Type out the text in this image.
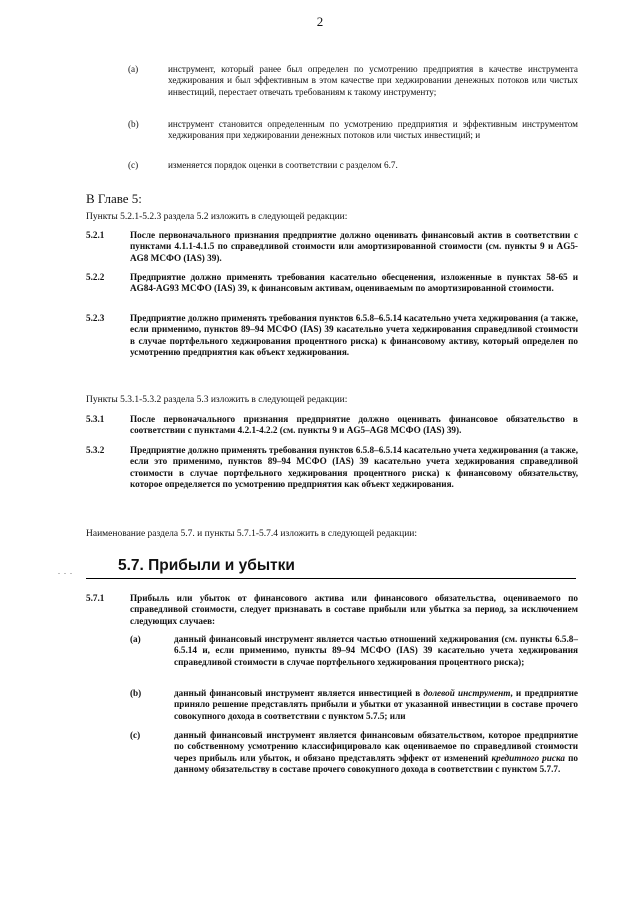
2
(a)	инструмент, который ранее был определен по усмотрению предприятия в качестве инструмента хеджирования и был эффективным в этом качестве при хеджировании денежных потоков или чистых инвестиций, перестает отвечать требованиям к такому инструменту;
(b)	инструмент становится определенным по усмотрению предприятия и эффективным инструментом хеджирования при хеджировании денежных потоков или чистых инвестиций; и
(c)	изменяется порядок оценки в соответствии с разделом 6.7.
В Главе 5:
Пункты 5.2.1-5.2.3 раздела 5.2 изложить в следующей редакции:
5.2.1	После первоначального признания предприятие должно оценивать финансовый актив в соответствии с пунктами 4.1.1-4.1.5 по справедливой стоимости или амортизированной стоимости (см. пункты 9 и AG5-AG8 МСФО (IAS) 39).
5.2.2	Предприятие должно применять требования касательно обесценения, изложенные в пунктах 58-65 и AG84-AG93 МСФО (IAS) 39, к финансовым активам, оцениваемым по амортизированной стоимости.
5.2.3	Предприятие должно применять требования пунктов 6.5.8–6.5.14 касательно учета хеджирования (а также, если применимо, пунктов 89–94 МСФО (IAS) 39 касательно учета хеджирования справедливой стоимости в случае портфельного хеджирования процентного риска) к финансовому активу, который определен по усмотрению предприятия как объект хеджирования.
Пункты 5.3.1-5.3.2 раздела 5.3 изложить в следующей редакции:
5.3.1	После первоначального признания предприятие должно оценивать финансовое обязательство в соответствии с пунктами 4.2.1-4.2.2 (см. пункты 9 и AG5–AG8 МСФО (IAS) 39).
5.3.2	Предприятие должно применять требования пунктов 6.5.8–6.5.14 касательно учета хеджирования (а также, если это применимо, пунктов 89–94 МСФО (IAS) 39 касательно учета хеджирования справедливой стоимости в случае портфельного хеджирования процентного риска) к финансовому обязательству, которое определяется по усмотрению предприятия как объект хеджирования.
Наименование раздела 5.7. и пункты 5.7.1-5.7.4 изложить в следующей редакции:
. . .	5.7. Прибыли и убытки
5.7.1	Прибыль или убыток от финансового актива или финансового обязательства, оцениваемого по справедливой стоимости, следует признавать в составе прибыли или убытка за период, за исключением следующих случаев:
(a)	данный финансовый инструмент является частью отношений хеджирования (см. пункты 6.5.8–6.5.14 и, если применимо, пункты 89–94 МСФО (IAS) 39 касательно учета хеджирования справедливой стоимости в случае портфельного хеджирования процентного риска);
(b)	данный финансовый инструмент является инвестицией в долевой инструмент, и предприятие приняло решение представлять прибыли и убытки от указанной инвестиции в составе прочего совокупного дохода в соответствии с пунктом 5.7.5; или
(c)	данный финансовый инструмент является финансовым обязательством, которое предприятие по собственному усмотрению классифицировало как оцениваемое по справедливой стоимости через прибыль или убыток, и обязано представлять эффект от изменений кредитного риска по данному обязательству в составе прочего совокупного дохода в соответствии с пунктом 5.7.7.
